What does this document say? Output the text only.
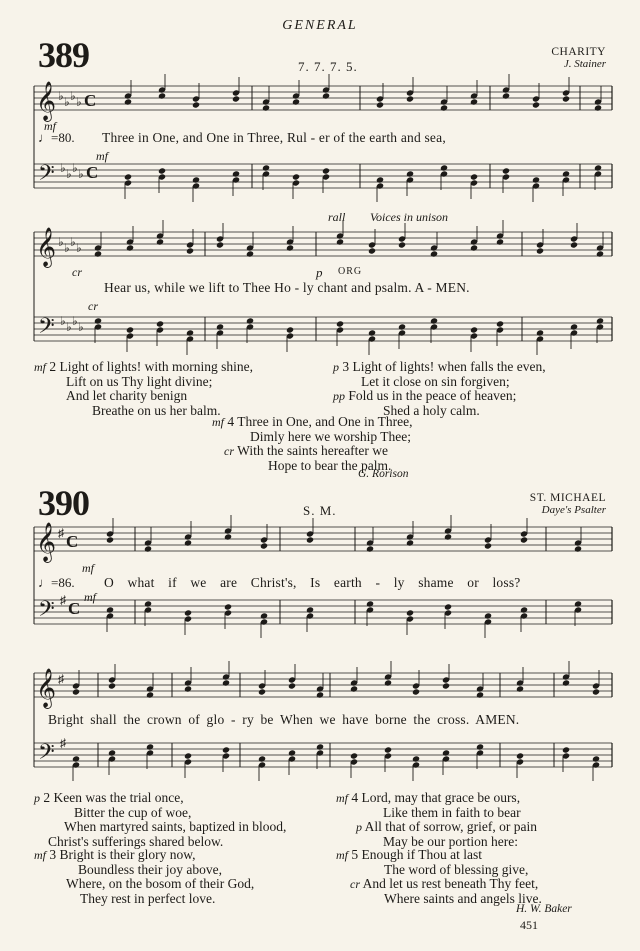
GENERAL
389	7. 7. 7. 5.
CHARITY
J. Stainer
𝄞 ♭ ♭ ♭ ♭ C
𝄢 ♭ ♭ ♭ ♭ C
𝄞 ♭ ♭ ♭ ♭
𝄢 ♭ ♭ ♭ ♭
𝄞 ♯ C
𝄢 ♯ C
𝄞 ♯
𝄢 ♯
mf
♩=80. Three in One, and One in Three, Rul - er of the earth and sea,
mf
rall Voices in unison
cr	p ORG
Hear us, while we lift to Thee Ho - ly chant and psalm. A - MEN.
cr
mf 2 Light of lights! with morning shine,
Lift on us Thy light divine;
And let charity benign
Breathe on us her balm.
p 3 Light of lights! when falls the even,
Let it close on sin forgiven;
pp Fold us in the peace of heaven;
Shed a holy calm.
mf 4 Three in One, and One in Three,
Dimly here we worship Thee;
cr With the saints hereafter we
Hope to bear the palm.
G. Rorison
390	S. M.
ST. MICHAEL
Daye's Psalter
mf
♩=86. O what if we are Christ's, Is earth - ly shame or loss?
mf
Bright shall the crown of glo - ry be When we have borne the cross. AMEN.
p 2 Keen was the trial once,
Bitter the cup of woe,
When martyred saints, baptized in blood,
Christ's sufferings shared below.
mf 3 Bright is their glory now,
Boundless their joy above,
Where, on the bosom of their God,
They rest in perfect love.
mf 4 Lord, may that grace be ours,
Like them in faith to bear
p All that of sorrow, grief, or pain
May be our portion here:
mf 5 Enough if Thou at last
The word of blessing give,
cr And let us rest beneath Thy feet,
Where saints and angels live.
H. W. Baker
451
